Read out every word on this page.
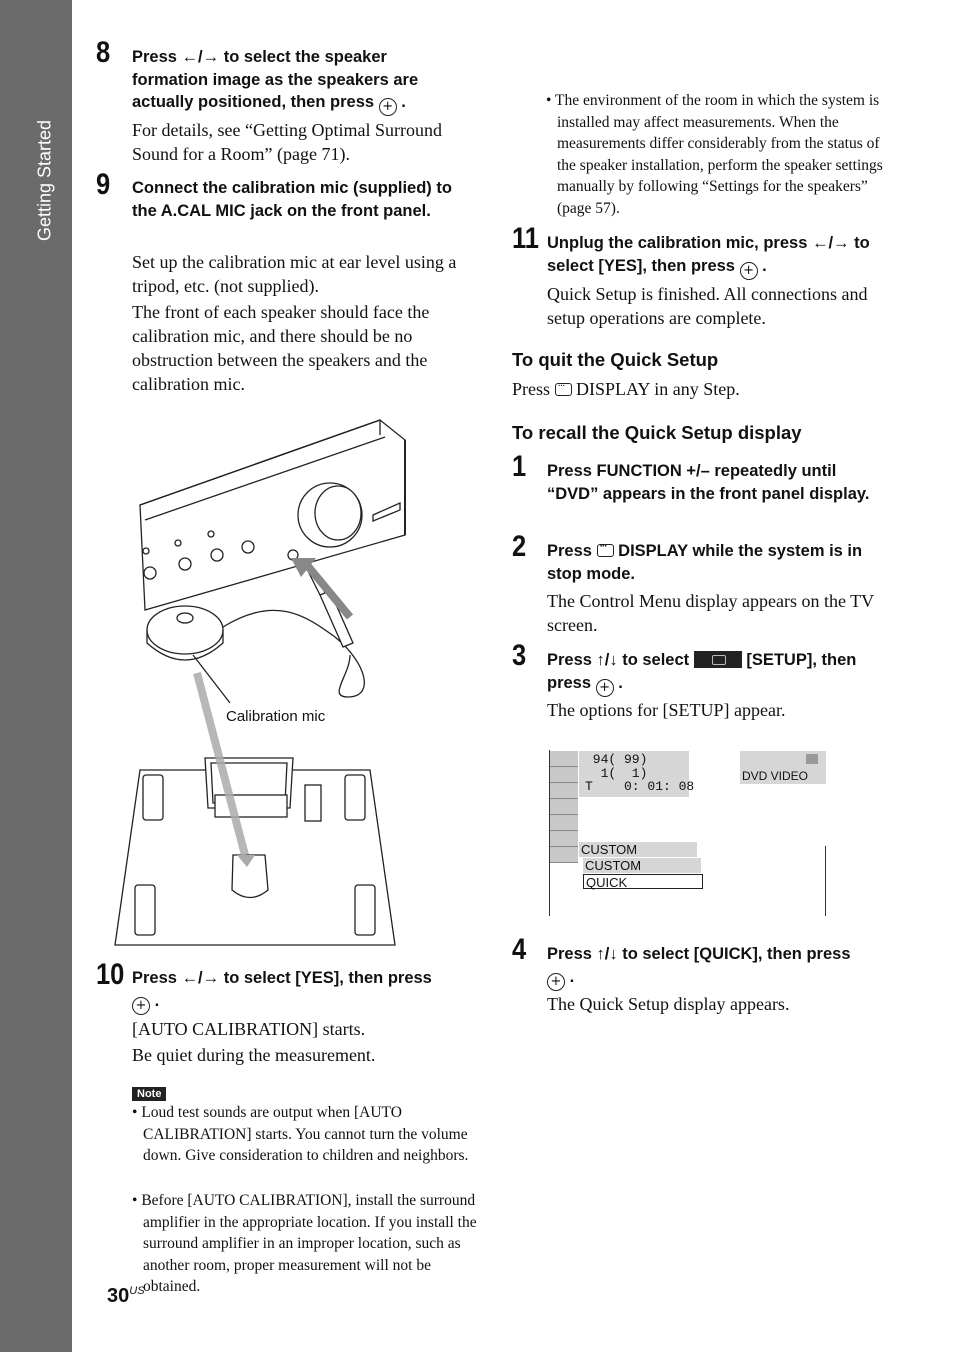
Getting Started
8 Press ←/→ to select the speaker formation image as the speakers are actually positioned, then press + .
For details, see “Getting Optimal Surround Sound for a Room” (page 71).
9 Connect the calibration mic (supplied) to the A.CAL MIC jack on the front panel.
Set up the calibration mic at ear level using a tripod, etc. (not supplied).
The front of each speaker should face the calibration mic, and there should be no obstruction between the speakers and the calibration mic.
Calibration mic
10 Press ←/→ to select [YES], then press
+ .
[AUTO CALIBRATION] starts.
Be quiet during the measurement.
Note
• Loud test sounds are output when [AUTO CALIBRATION] starts. You cannot turn the volume down. Give consideration to children and neighbors.
• Before [AUTO CALIBRATION], install the surround amplifier in the appropriate location. If you install the surround amplifier in an improper location, such as another room, proper measurement will not be obtained.
• The environment of the room in which the system is installed may affect measurements. When the measurements differ considerably from the status of the speaker installation, perform the speaker settings manually by following “Settings for the speakers” (page 57).
11 Unplug the calibration mic, press ←/→ to select [YES], then press + .
Quick Setup is finished. All connections and setup operations are complete.
To quit the Quick Setup
Press ··· DISPLAY in any Step.
To recall the Quick Setup display
1 Press FUNCTION +/– repeatedly until “DVD” appears in the front panel display.
2 Press ··· DISPLAY while the system is in stop mode.
The Control Menu display appears on the TV screen.
3 Press ↑/↓ to select	[SETUP], then press + .
The options for [SETUP] appear.
94( 99)
1(  1)
T    0: 01: 08
DVD VIDEO
CUSTOM
CUSTOM
QUICK
4 Press ↑/↓ to select [QUICK], then press
+ .
The Quick Setup display appears.
$30^{US}$
